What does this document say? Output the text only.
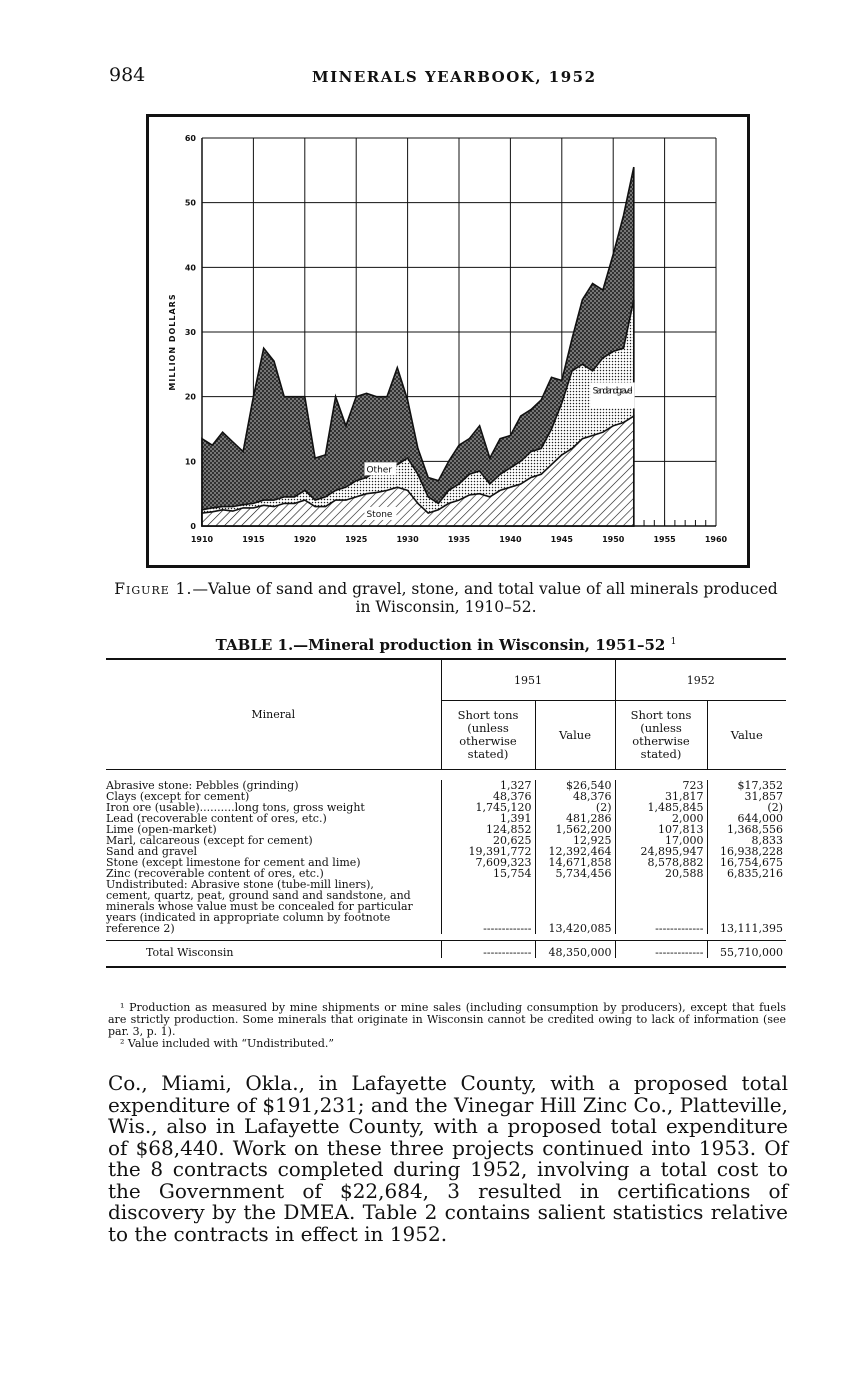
984	MINERALS YEARBOOK, 1952
Other
Stone
Sand and gravel
0
10
20
30
40
50
60
1910	1915	1920	1925	1930	1935	1940	1945	1950	1955	1960
MILLION DOLLARS
Figure 1.—Value of sand and gravel, stone, and total value of all minerals produced in Wisconsin, 1910–52.
TABLE 1.—Mineral production in Wisconsin, 1951–52 $^1$
Mineral	1951		1952	
	Short tons (unless otherwise stated)	Value	Short tons (unless otherwise stated)	Value

Abrasive stone: Pebbles (grinding)	1,327	$26,540	723	$17,352
Clays (except for cement)	48,376	48,376	31,817	31,857
Iron ore (usable)..........long tons, gross weight	1,745,120	(2)	1,485,845	(2)
Lead (recoverable content of ores, etc.)	1,391	481,286	2,000	644,000
Lime (open-market)	124,852	1,562,200	107,813	1,368,556
Marl, calcareous (except for cement)	20,625	12,925	17,000	8,833
Sand and gravel	19,391,772	12,392,464	24,895,947	16,938,228
Stone (except limestone for cement and lime)	7,609,323	14,671,858	8,578,882	16,754,675
Zinc (recoverable content of ores, etc.)	15,754	5,734,456	20,588	6,835,216
Undistributed: Abrasive stone (tube-mill liners), cement, quartz, peat, ground sand and sandstone, and minerals whose value must be concealed for particular years (indicated in appropriate column by footnote reference 2)	-------------	13,420,085	-------------	13,111,395

Total Wisconsin	-------------	48,350,000	-------------	55,710,000

¹ Production as measured by mine shipments or mine sales (including consumption by producers), except that fuels are strictly production. Some minerals that originate in Wisconsin cannot be credited owing to lack of information (see par. 3, p. 1).

² Value included with “Undistributed.”

Co., Miami, Okla., in Lafayette County, with a proposed total expenditure of $191,231; and the Vinegar Hill Zinc Co., Platteville, Wis., also in Lafayette County, with a proposed total expenditure of $68,440. Work on these three projects continued into 1953. Of the 8 contracts completed during 1952, involving a total cost to the Government of $22,684, 3 resulted in certifications of discovery by the DMEA. Table 2 contains salient statistics relative to the contracts in effect in 1952.
